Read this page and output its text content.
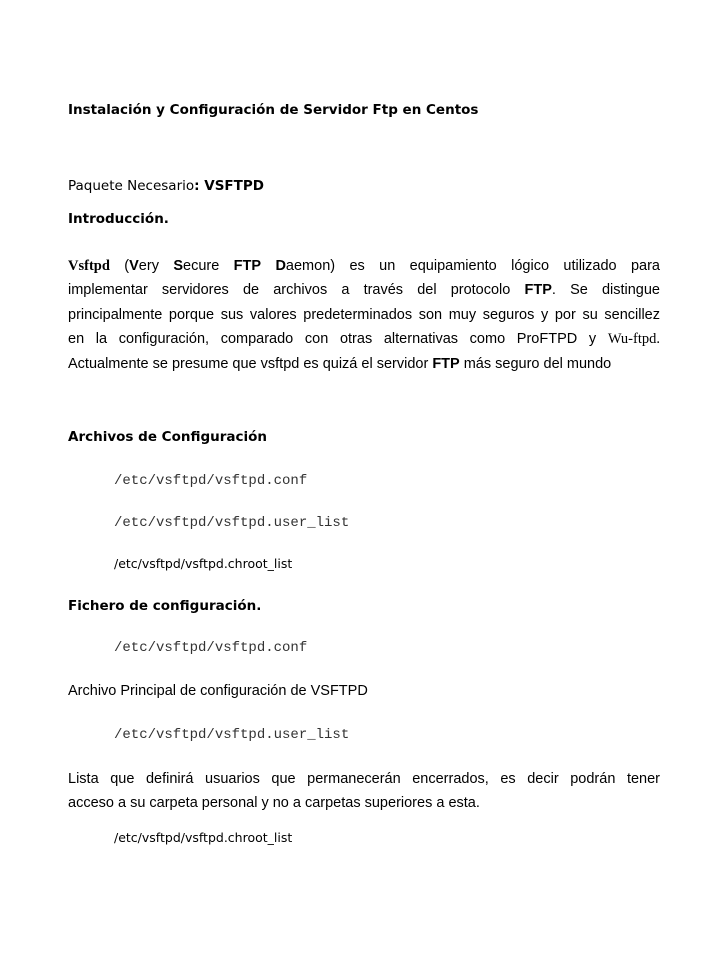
Instalación y Configuración de Servidor Ftp en Centos
Paquete Necesario: VSFTPD
Introducción.
Vsftpd (Very Secure FTP Daemon) es un equipamiento lógico utilizado para
implementar servidores de archivos a través del protocolo FTP. Se distingue
principalmente porque sus valores predeterminados son muy seguros y por su sencillez
en la configuración, comparado con otras alternativas como ProFTPD y Wu-ftpd.
Actualmente se presume que vsftpd es quizá el servidor FTP más seguro del mundo
Archivos de Configuración
/etc/vsftpd/vsftpd.conf
/etc/vsftpd/vsftpd.user_list
/etc/vsftpd/vsftpd.chroot_list
Fichero de configuración.
/etc/vsftpd/vsftpd.conf
Archivo Principal de configuración de VSFTPD
/etc/vsftpd/vsftpd.user_list
Lista que definirá usuarios que permanecerán encerrados, es decir podrán tener
acceso a su carpeta personal y no a carpetas superiores a esta.
/etc/vsftpd/vsftpd.chroot_list
